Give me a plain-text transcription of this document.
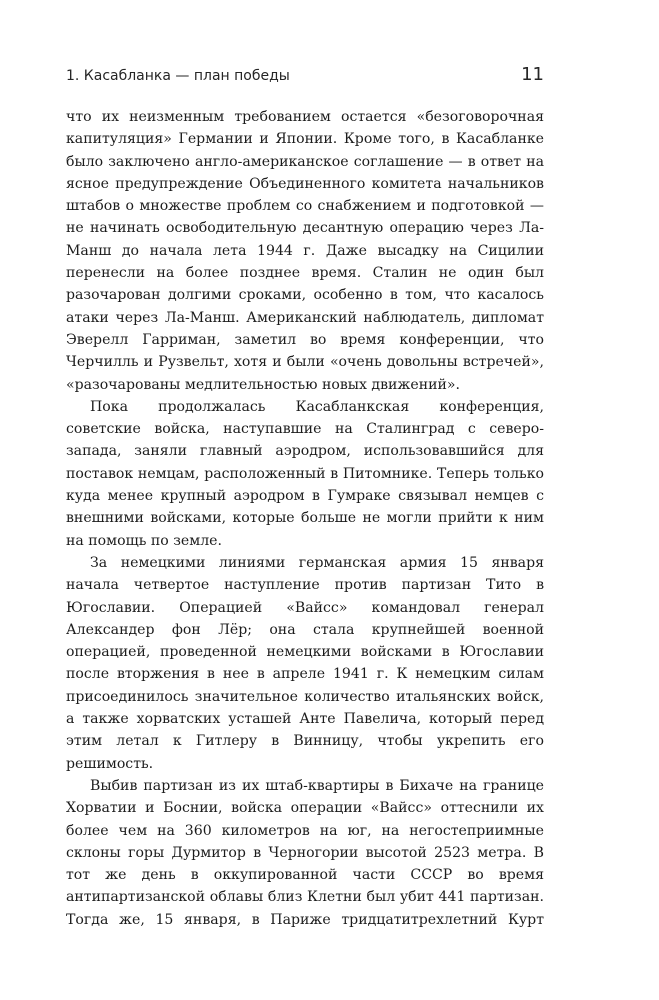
1. Касабланка — план победы	11

что их неизменным требованием остается «безоговорочная капитуляция» Германии и Японии. Кроме того, в Касабланке было заключено англо-американское соглашение — в ответ на ясное предупреждение Объединенного комитета начальников штабов о множестве проблем со снабжением и подготовкой — не начинать освободительную десантную операцию через Ла-Манш до начала лета 1944 г. Даже высадку на Сицилии перенесли на более позднее время. Сталин не один был разочарован долгими сроками, особенно в том, что касалось атаки через Ла-Манш. Американский наблюдатель, дипломат Эверелл Гарриман, заметил во время конференции, что Черчилль и Рузвельт, хотя и были «очень довольны встречей», «разочарованы медлительностью новых движений».

Пока продолжалась Касабланкская конференция, советские войска, наступавшие на Сталинград с северо-запада, заняли главный аэродром, использовавшийся для поставок немцам, расположенный в Питомнике. Теперь только куда менее крупный аэродром в Гумраке связывал немцев с внешними войсками, которые больше не могли прийти к ним на помощь по земле.

За немецкими линиями германская армия 15 января начала четвертое наступление против партизан Тито в Югославии. Операцией «Вайсс» командовал генерал Александер фон Лёр; она стала крупнейшей военной операцией, проведенной немецкими войсками в Югославии после вторжения в нее в апреле 1941 г. К немецким силам присоединилось значительное количество итальянских войск, а также хорватских усташей Анте Павелича, который перед этим летал к Гитлеру в Винницу, чтобы укрепить его решимость.

Выбив партизан из их штаб-квартиры в Бихаче на границе Хорватии и Боснии, войска операции «Вайсс» оттеснили их более чем на 360 километров на юг, на негостеприимные склоны горы Дурмитор в Черногории высотой 2523 метра. В тот же день в оккупированной части СССР во время антипартизанской облавы близ Клетни был убит 441 партизан. Тогда же, 15 января, в Париже тридцатитрехлетний Курт
